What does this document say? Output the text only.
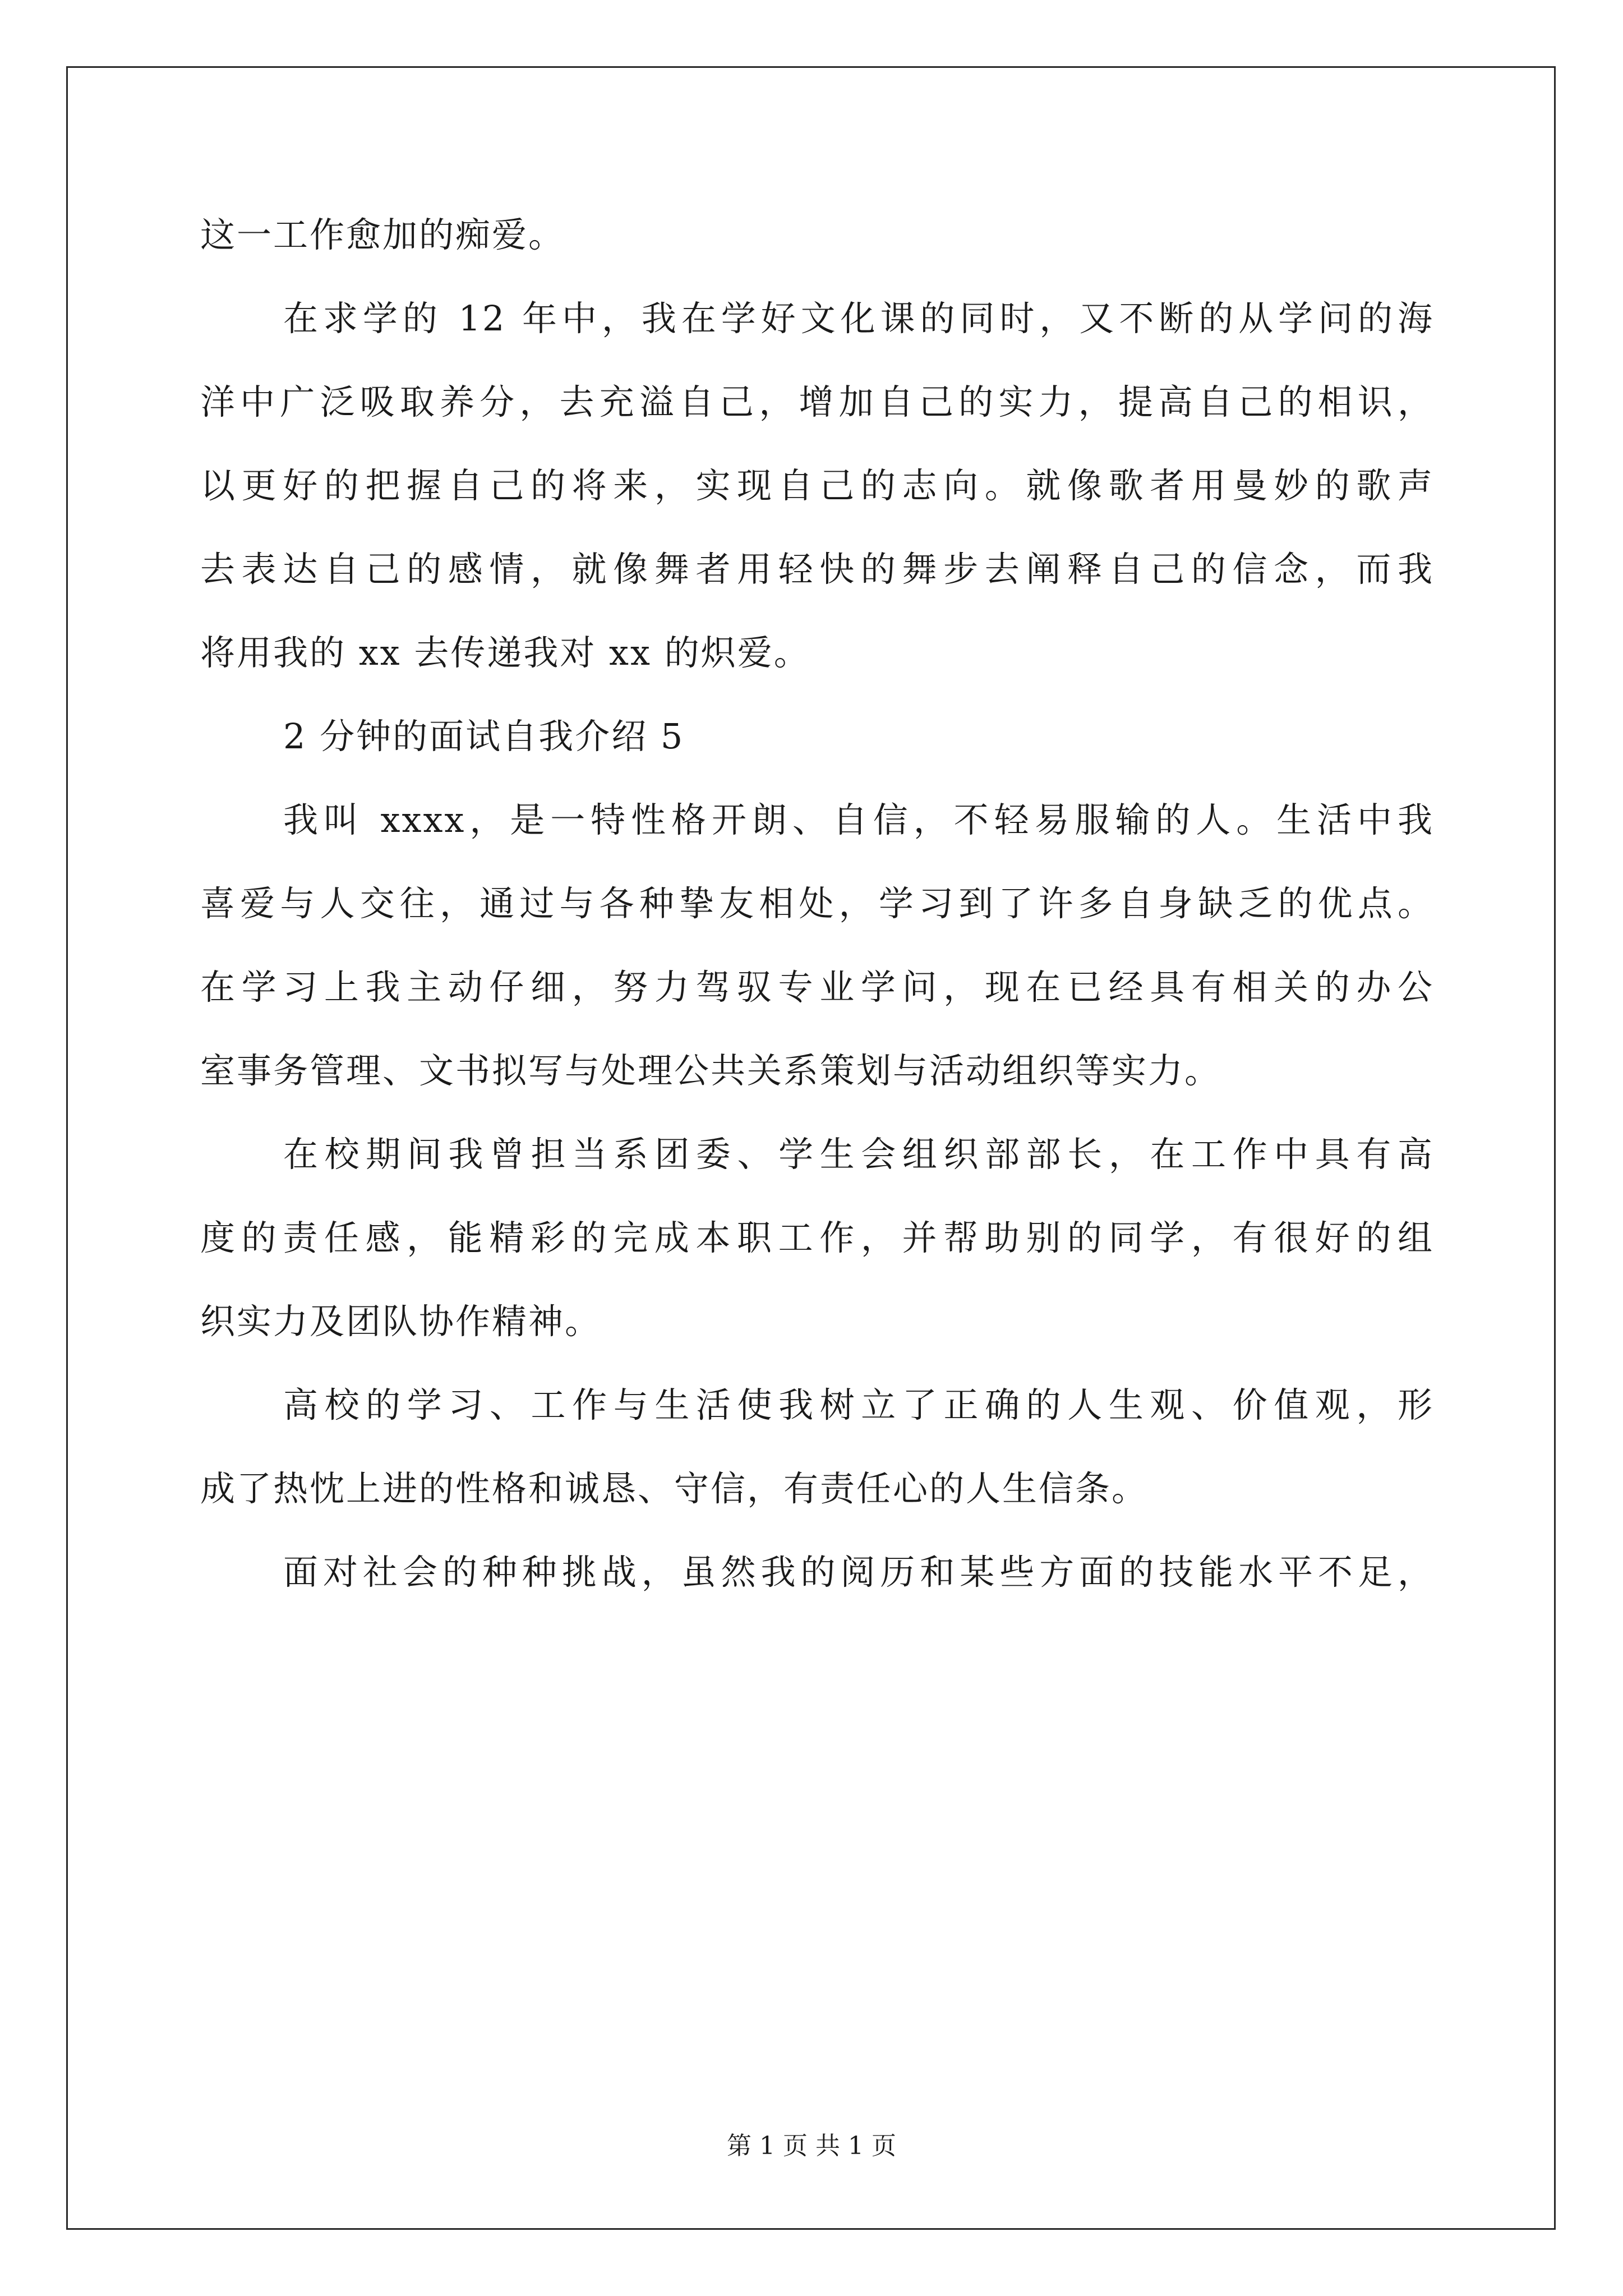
这一工作愈加的痴爱。
在求学的 12 年中，我在学好文化课的同时，又不断的从学问的海
洋中广泛吸取养分，去充溢自己，增加自己的实力，提高自己的相识，
以更好的把握自己的将来，实现自己的志向。就像歌者用曼妙的歌声
去表达自己的感情，就像舞者用轻快的舞步去阐释自己的信念，而我
将用我的 xx 去传递我对 xx 的炽爱。
2 分钟的面试自我介绍 5
我叫 xxxx，是一特性格开朗、自信，不轻易服输的人。生活中我
喜爱与人交往，通过与各种挚友相处，学习到了许多自身缺乏的优点。
在学习上我主动仔细，努力驾驭专业学问，现在已经具有相关的办公
室事务管理、文书拟写与处理公共关系策划与活动组织等实力。
在校期间我曾担当系团委、学生会组织部部长，在工作中具有高
度的责任感，能精彩的完成本职工作，并帮助别的同学，有很好的组
织实力及团队协作精神。
高校的学习、工作与生活使我树立了正确的人生观、价值观，形
成了热忱上进的性格和诚恳、守信，有责任心的人生信条。
面对社会的种种挑战，虽然我的阅历和某些方面的技能水平不足，
第 1 页 共 1 页
